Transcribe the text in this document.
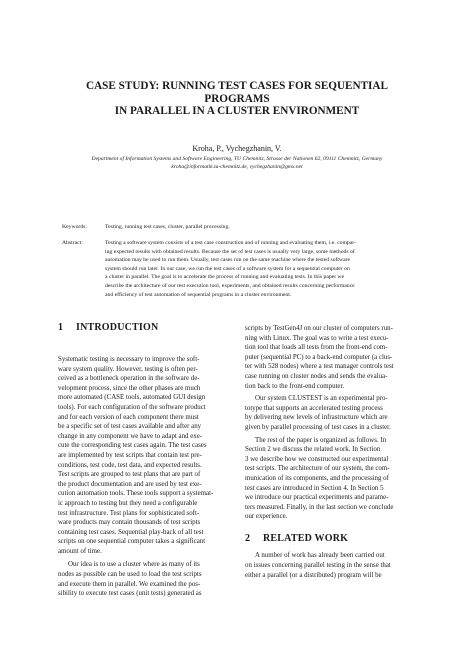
CASE STUDY: RUNNING TEST CASES FOR SEQUENTIAL
PROGRAMS
IN PARALLEL IN A CLUSTER ENVIRONMENT
Kroha, P., Vychegzhanin, V.
Department of Information Systems and Software Engineering, TU Chemnitz, Strasse der Nationen 62, 09111 Chemnitz, Germany
kroha@informatik.tu-chemnitz.de, vychegzhanin@gmx.net
Keywords:	Testing, running test cases, cluster, parallel processing.
Abstract:	Testing a software system consists of a test case construction and of running and evaluating them, i.e. compar-
ing expected results with obtained results. Because the set of test cases is usually very large, some methods of
automation may be used to run them. Usually, test cases run on the same machine where the tested software
system should run later. In our case, we run the test cases of a software system for a sequential computer on
a cluster in parallel. The goal is to accelerate the process of running and evaluating tests. In this paper we
describe the architecture of our test execution tool, experiments, and obtained results concerning performance
and efficiency of test automation of sequential programs in a cluster environment.
1 INTRODUCTION
Systematic testing is necessary to improve the soft-
ware system quality. However, testing is often per-
ceived as a bottleneck operation in the software de-
velopment process, since the other phases are much
more automated (CASE tools, automated GUI design
tools). For each configuration of the software product
and for each version of each component there must
be a specific set of test cases available and after any
change in any component we have to adapt and exe-
cute the corresponding test cases again. The test cases
are implemented by test scripts that contain test pre-
conditions, test code, test data, and expected results.
Test scripts are grouped to test plans that are part of
the product documentation and are used by test exe-
cution automation tools. These tools support a systemat-
ic approach to testing but they need a configurable
test infrastructure. Test plans for sophisticated soft-
ware products may contain thousands of test scripts
containing test cases. Sequential play-back of all test
scripts on one sequential computer takes a significant
amount of time.
Our idea is to use a cluster where as many of its
nodes as possible can be used to load the test scripts
and execute them in parallel. We examined the pos-
sibility to execute test cases (unit tests) generated as
scripts by TestGen4J on our cluster of computers run-
ning with Linux. The goal was to write a test execu-
tion tool that loads all tests from the front-end com-
puter (sequential PC) to a back-end computer (a clus-
ter with 528 nodes) where a test manager controls test
case running on cluster nodes and sends the evalua-
tion back to the front-end computer.
Our system CLUSTEST is an experimental pro-
totype that supports an accelerated testing process
by delivering new levels of infrastructure which are
given by parallel processing of test cases in a cluster.
The rest of the paper is organized as follows. In
Section 2 we discuss the related work. In Section
3 we describe how we constructed our experimental
test scripts. The architecture of our system, the com-
munication of its components, and the processing of
test cases are introduced in Section 4. In Section 5
we introduce our practical experiments and parame-
ters measured. Finally, in the last section we conclude
our experience.
2 RELATED WORK
A number of work has already been carried out
on issues concerning parallel testing in the sense that
either a parallel (or a distributed) program will be
